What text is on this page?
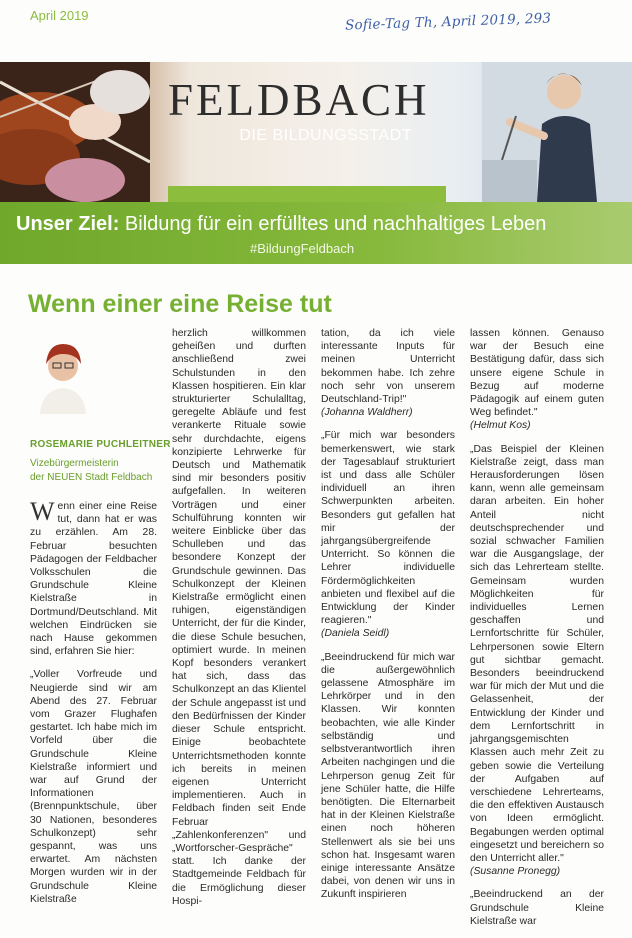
April 2019	Sofie-Tag Th, April 2019, 293
FELDBACH
DIE BILDUNGSSTADT
Unser Ziel: Bildung für ein erfülltes und nachhaltiges Leben
#BildungFeldbach
Wenn einer eine Reise tut
ROSEMARIE PUCHLEITNER
Vizebürgermeisterin
der NEUEN Stadt Feldbach

Wenn einer eine Reise tut, dann hat er was zu erzählen. Am 28. Februar besuchten Pädagogen der Feldbacher Volksschulen die Grundschule Kleine Kielstraße in Dortmund/Deutschland. Mit welchen Eindrücken sie nach Hause gekommen sind, erfahren Sie hier:

„Voller Vorfreude und Neugierde sind wir am Abend des 27. Februar vom Grazer Flughafen gestartet. Ich habe mich im Vorfeld über die Grundschule Kleine Kielstraße informiert und war auf Grund der Informationen (Brennpunktschule, über 30 Nationen, besonderes Schulkonzept) sehr gespannt, was uns erwartet. Am nächsten Morgen wurden wir in der Grundschule Kleine Kielstraße

herzlich willkommen geheißen und durften anschließend zwei Schulstunden in den Klassen hospitieren. Ein klar strukturierter Schulalltag, geregelte Abläufe und fest verankerte Rituale sowie sehr durchdachte, eigens konzipierte Lehrwerke für Deutsch und Mathematik sind mir besonders positiv aufgefallen. In weiteren Vorträgen und einer Schulführung konnten wir weitere Einblicke über das Schulleben und das besondere Konzept der Grundschule gewinnen. Das Schulkonzept der Kleinen Kielstraße ermöglicht einen ruhigen, eigenständigen Unterricht, der für die Kinder, die diese Schule besuchen, optimiert wurde. In meinen Kopf besonders verankert hat sich, dass das Schulkonzept an das Klientel der Schule angepasst ist und den Bedürfnissen der Kinder dieser Schule entspricht. Einige beobachtete Unterrichtsmethoden konnte ich bereits in meinen eigenen Unterricht implementieren. Auch in Feldbach finden seit Ende Februar „Zahlenkonferenzen" und „Wortforscher-Gespräche" statt. Ich danke der Stadtgemeinde Feldbach für die Ermöglichung dieser Hospi-

tation, da ich viele interessante Inputs für meinen Unterricht bekommen habe. Ich zehre noch sehr von unserem Deutschland-Trip!"

(Johanna Waldherr)

„Für mich war besonders bemerkenswert, wie stark der Tagesablauf strukturiert ist und dass alle Schüler individuell an ihren Schwerpunkten arbeiten. Besonders gut gefallen hat mir der jahrgangsübergreifende Unterricht. So können die Lehrer individuelle Fördermöglichkeiten anbieten und flexibel auf die Entwicklung der Kinder reagieren."

(Daniela Seidl)

„Beeindruckend für mich war die außergewöhnlich gelassene Atmosphäre im Lehrkörper und in den Klassen. Wir konnten beobachten, wie alle Kinder selbständig und selbstverantwortlich ihren Arbeiten nachgingen und die Lehrperson genug Zeit für jene Schüler hatte, die Hilfe benötigten. Die Elternarbeit hat in der Kleinen Kielstraße einen noch höheren Stellenwert als sie bei uns schon hat. Insgesamt waren einige interessante Ansätze dabei, von denen wir uns in Zukunft inspirieren

lassen können. Genauso war der Besuch eine Bestätigung dafür, dass sich unsere eigene Schule in Bezug auf moderne Pädagogik auf einem guten Weg befindet."

(Helmut Kos)

„Das Beispiel der Kleinen Kielstraße zeigt, dass man Herausforderungen lösen kann, wenn alle gemeinsam daran arbeiten. Ein hoher Anteil nicht deutschsprechender und sozial schwacher Familien war die Ausgangslage, der sich das Lehrerteam stellte. Gemeinsam wurden Möglichkeiten für individuelles Lernen geschaffen und Lernfortschritte für Schüler, Lehrpersonen sowie Eltern gut sichtbar gemacht. Besonders beeindruckend war für mich der Mut und die Gelassenheit, der Entwicklung der Kinder und dem Lernfortschritt in jahrgangsgemischten Klassen auch mehr Zeit zu geben sowie die Verteilung der Aufgaben auf verschiedene Lehrerteams, die den effektiven Austausch von Ideen ermöglicht. Begabungen werden optimal eingesetzt und bereichern so den Unterricht aller."

(Susanne Pronegg)

„Beeindruckend an der Grundschule Kleine Kielstraße war
